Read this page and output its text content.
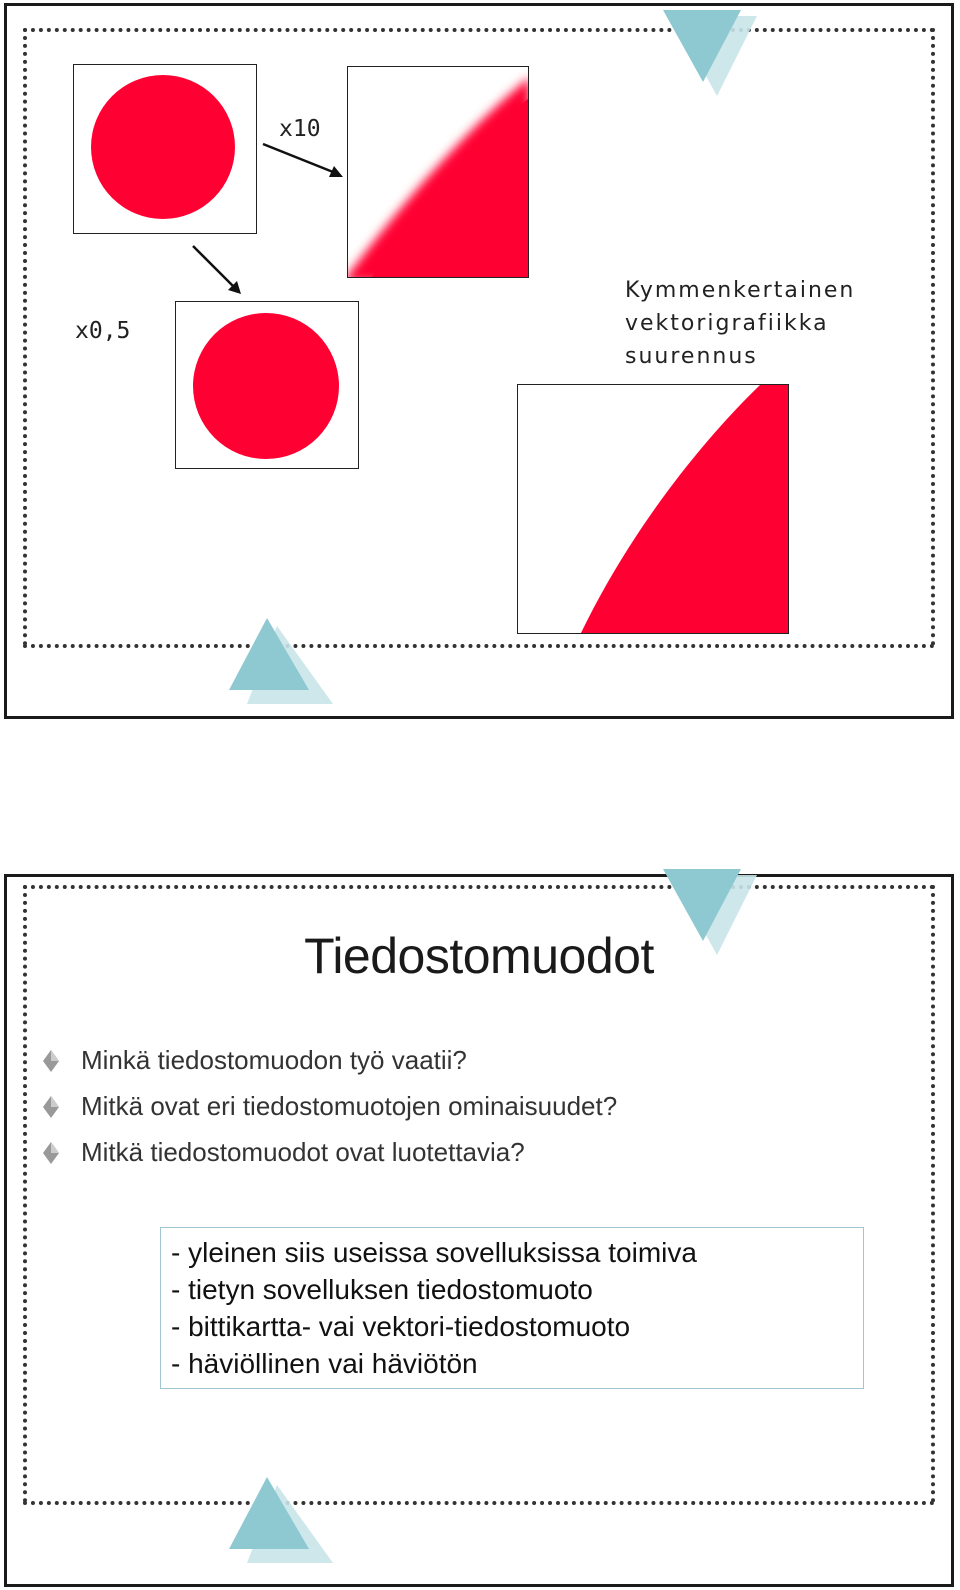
x10
x0,5
Kymmenkertainen
vektorigrafiikka
suurennus
Tiedostomuodot
Minkä tiedostomuodon työ vaatii?
Mitkä ovat eri tiedostomuotojen ominaisuudet?
Mitkä tiedostomuodot ovat luotettavia?
- yleinen siis useissa sovelluksissa toimiva
- tietyn sovelluksen tiedostomuoto
- bittikartta- vai vektori-tiedostomuoto
- häviöllinen vai häviötön
